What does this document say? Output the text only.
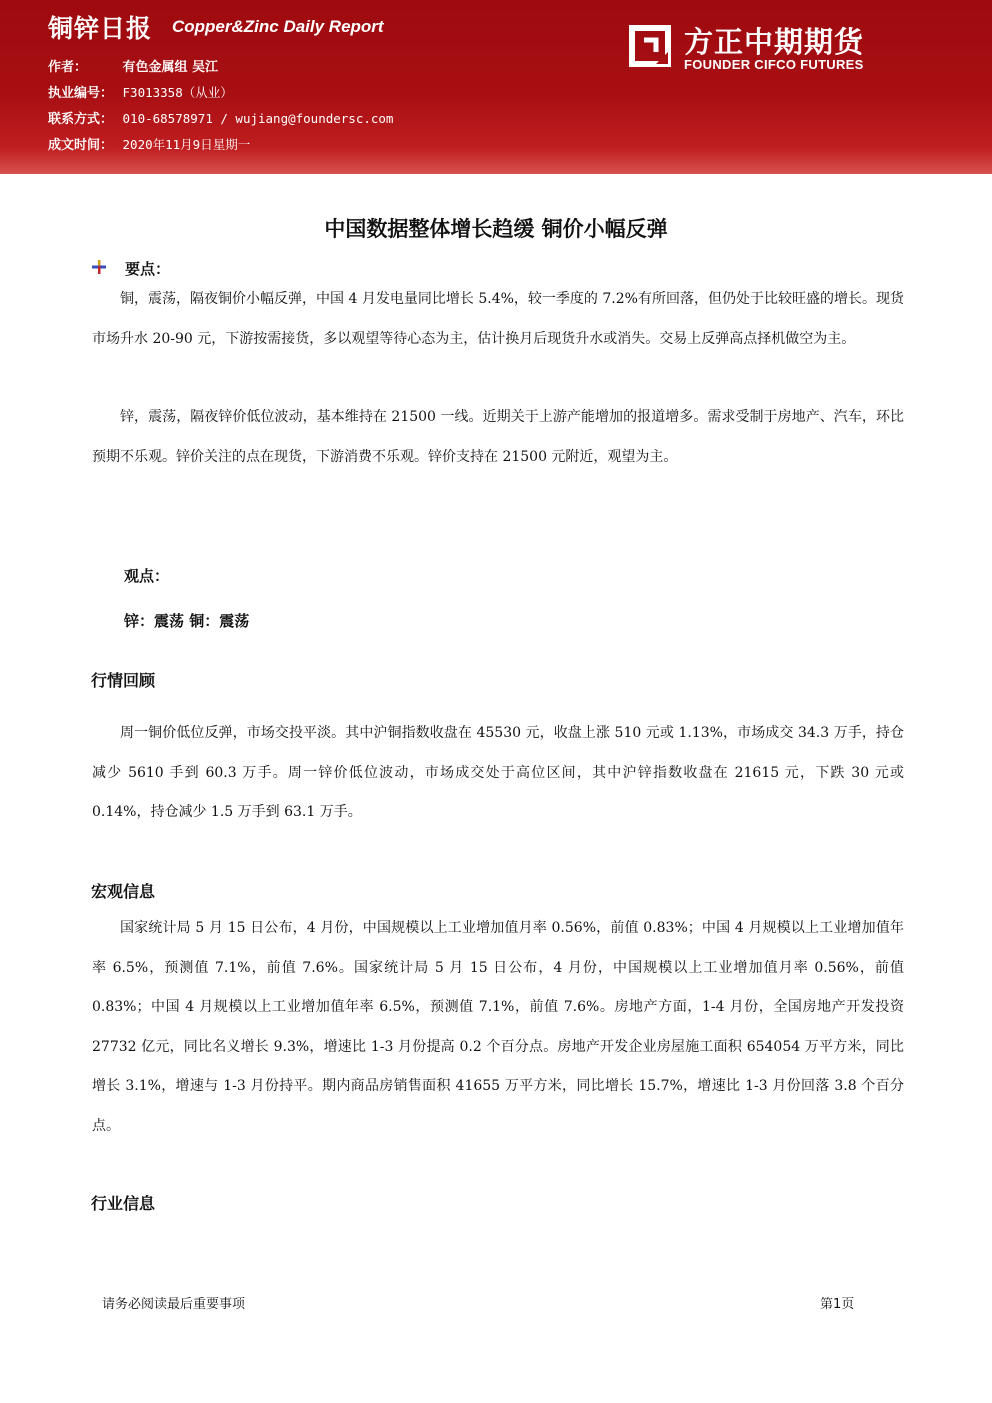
铜锌日报 Copper&Zinc Daily Report
作者：	有色金属组 吴江
执业编号： F3013358（从业）
联系方式： 010-68578971 / wujiang@foundersc.com
成文时间： 2020年11月9日星期一
方正中期期货
FOUNDER CIFCO FUTURES
中国数据整体增长趋缓 铜价小幅反弹
要点：

铜，震荡，隔夜铜价小幅反弹，中国 4 月发电量同比增长 5.4%，较一季度的 7.2%有所回落，但仍处于比较旺盛的增长。现货市场升水 20-90 元，下游按需接货，多以观望等待心态为主，估计换月后现货升水或消失。交易上反弹高点择机做空为主。

锌，震荡，隔夜锌价低位波动，基本维持在 21500 一线。近期关于上游产能增加的报道增多。需求受制于房地产、汽车，环比预期不乐观。锌价关注的点在现货，下游消费不乐观。锌价支持在 21500 元附近，观望为主。

观点：
锌：震荡 铜：震荡
行情回顾

周一铜价低位反弹，市场交投平淡。其中沪铜指数收盘在 45530 元，收盘上涨 510 元或 1.13%，市场成交 34.3 万手，持仓减少 5610 手到 60.3 万手。周一锌价低位波动，市场成交处于高位区间，其中沪锌指数收盘在 21615 元，下跌 30 元或 0.14%，持仓减少 1.5 万手到 63.1 万手。

宏观信息

国家统计局 5 月 15 日公布，4 月份，中国规模以上工业增加值月率 0.56%，前值 0.83%；中国 4 月规模以上工业增加值年率 6.5%，预测值 7.1%，前值 7.6%。国家统计局 5 月 15 日公布，4 月份，中国规模以上工业增加值月率 0.56%，前值 0.83%；中国 4 月规模以上工业增加值年率 6.5%，预测值 7.1%，前值 7.6%。房地产方面，1-4 月份，全国房地产开发投资 27732 亿元，同比名义增长 9.3%，增速比 1-3 月份提高 0.2 个百分点。房地产开发企业房屋施工面积 654054 万平方米，同比增长 3.1%，增速与 1-3 月份持平。期内商品房销售面积 41655 万平方米，同比增长 15.7%，增速比 1-3 月份回落 3.8 个百分点。

行业信息
请务必阅读最后重要事项	第1页
